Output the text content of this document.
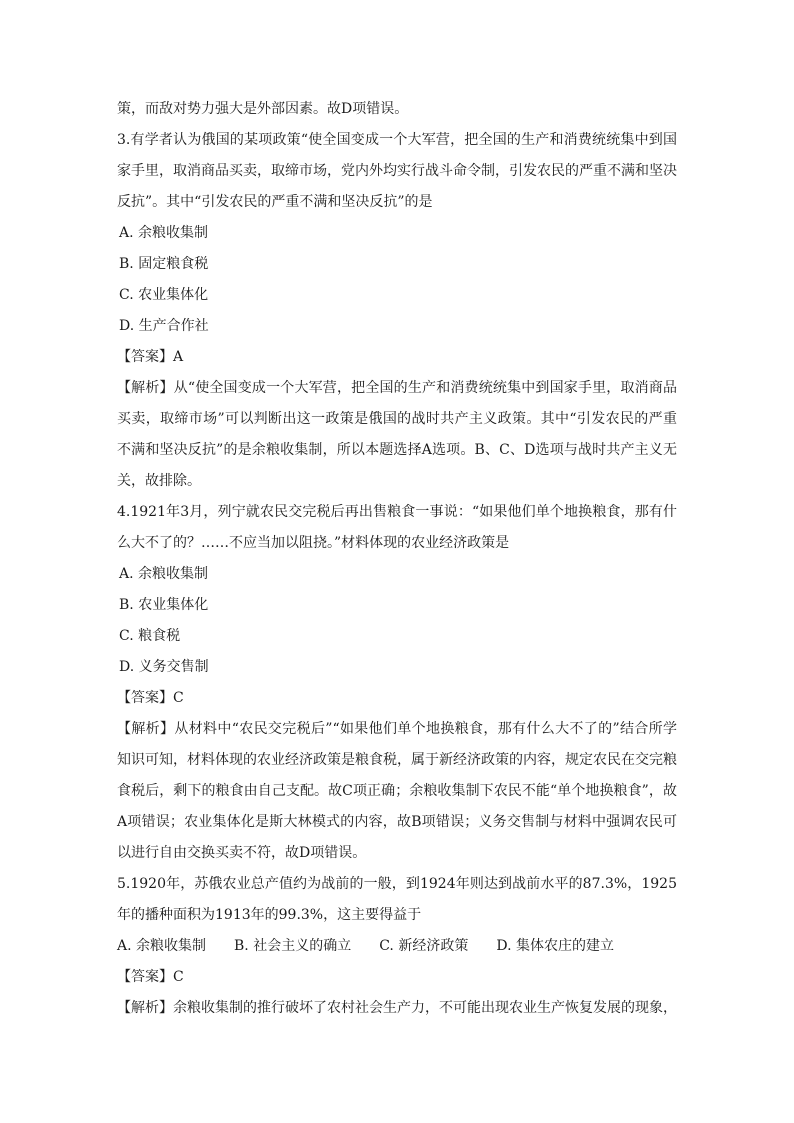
策，而敌对势力强大是外部因素。故D项错误。
3.有学者认为俄国的某项政策“使全国变成一个大军营，把全国的生产和消费统统集中到国家手里，取消商品买卖，取缔市场，党内外均实行战斗命令制，引发农民的严重不满和坚决反抗”。其中“引发农民的严重不满和坚决反抗”的是
A. 余粮收集制
B. 固定粮食税
C. 农业集体化
D. 生产合作社
【答案】A
【解析】从“使全国变成一个大军营，把全国的生产和消费统统集中到国家手里，取消商品买卖，取缔市场”可以判断出这一政策是俄国的战时共产主义政策。其中“引发农民的严重不满和坚决反抗”的是余粮收集制，所以本题选择A选项。B、C、D选项与战时共产主义无关，故排除。
4.1921年3月，列宁就农民交完税后再出售粮食一事说：“如果他们单个地换粮食，那有什么大不了的？……不应当加以阻挠。”材料体现的农业经济政策是
A. 余粮收集制
B. 农业集体化
C. 粮食税
D. 义务交售制
【答案】C
【解析】从材料中“农民交完税后”“如果他们单个地换粮食，那有什么大不了的”结合所学知识可知，材料体现的农业经济政策是粮食税，属于新经济政策的内容，规定农民在交完粮食税后，剩下的粮食由自己支配。故C项正确；余粮收集制下农民不能“单个地换粮食”，故A项错误；农业集体化是斯大林模式的内容，故B项错误；义务交售制与材料中强调农民可以进行自由交换买卖不符，故D项错误。
5.1920年，苏俄农业总产值约为战前的一般，到1924年则达到战前水平的87.3%，1925年的播种面积为1913年的99.3%，这主要得益于
A. 余粮收集制 B. 社会主义的确立 C. 新经济政策 D. 集体农庄的建立
【答案】C
【解析】余粮收集制的推行破坏了农村社会生产力，不可能出现农业生产恢复发展的现象，
